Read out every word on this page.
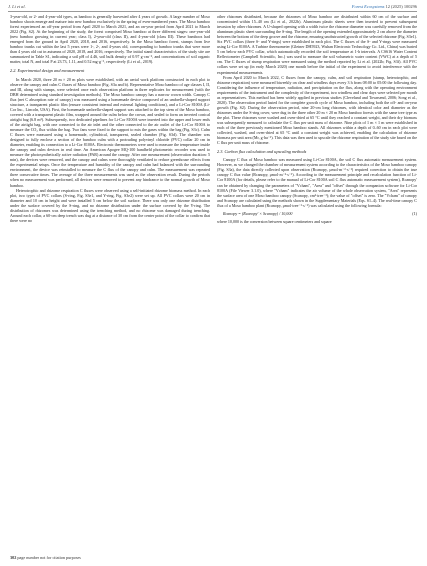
J. Li et al.	Forest Ecosystems 12 (2025) 100296

3-year-old, or 2- and 4-year-old types, as bamboo is generally harvested after 4 years of growth. A large number of Moso bamboo shoots emerge and mature into new bamboo exclusively in the spring of even-numbered years. The Moso bamboo forest experienced an off-year period from April 2020 to March 2021, and an on-year period from April 2021 to March 2022 (Fig. S2). At the beginning of the study, the forest comprised Moso bamboo at three different stages: one-year-old (new bamboo growing in current year; class I), 2-year-old (class II), and 4-year-old (class III). These bamboos had emerged from the ground in April 2020, 2018, and 2016, respectively. In the Moso bamboo forest, stumps from live bamboo trunks cut within the last 5 years were 1-, 2-, and 4-years old, corresponding to bamboo trunks that were more than 4 years old cut in autumns of 2020, 2018, and 2016, respectively. The initial stand characteristics of the study site are summarized in Table S1, indicating a soil pH of 4.46, soil bulk density of 0.97 g·cm⁻³, and concentrations of soil organic matter, total N, and total P at 23.73, 1.11, and 0.52 mg·g⁻¹, respectively (Li et al., 2019).

2.2. Experimental design and measurement

In March 2020, three 20 m × 20 m plots were established, with an aerial work platform constructed in each plot to observe the canopy and culm C fluxes of Moso bamboo (Fig. S3a and b). Representative Moso bamboo of age classes I, II, and III, along with stumps, were selected once each observation platform in three replicates for measurement (with the DBH determined using standard investigation methods). The Moso bamboo canopy has a narrow crown width. Canopy C flux (net C absorption rate of canopy) was measured using a homemade device composed of an umbrella-shaped support structure, a transparent plastic film (ensure consistent internal and external lighting conditions), and a Li-Cor 8100A (Li-Cor Inc., Lincoln, USA). First, the homemade umbrella-shaped support was attached to the top stem of the Moso bamboo, covered with a transparent plastic film, wrapped around the culm below the crown, and sealed to form an inverted conical airtight bag (6.8 m³). Subsequently, two dedicated pipelines for Li-Cor 8100A were inserted into the upper and lower ends of the airtight bag, with one connected to the air inlet and the other connected to the air outlet of the Li-Cor 8100A to measure the CO₂ flux within the bag. Two fans were fixed to the support to mix the gases within the bag (Fig. S3c). Culm C fluxes were measured using a homemade, cylindrical, transparent, sealed chamber (Fig. S3d). The chamber was designed to fully enclose a section of the bamboo culm with a protruding polyvinyl chloride (PVC) collar 20 cm in diameter, enabling its connection to a Li-Cor 8100A. Electronic thermometers were used to measure the temperature inside the canopy and culm devices in real time. An American Apogee MQ-100 handheld photometric recorder was used to measure the photosynthetically active radiation (PAR) around the canopy. After one measurement (observation duration: 5 min), the devices were removed, and the canopy and culms were thoroughly ventilated to reduce greenhouse effects from the experimental setups. Once the temperature and humidity of the canopy and culm had balanced with the surrounding environment, the device was reinstalled to measure the C flux of the canopy and culm. The measurement was repeated three consecutive times. The average of the three measurements was used as the observation result. During the periods when no measurement was performed, all devices were removed to prevent any hindrance to the normal growth of Moso bamboo.

Heterotrophic and rhizome respiration C fluxes were observed using a self-initiated rhizome biomass method. In each plot, two types of PVC collars (S-ring, Fig. S3e1, and Y-ring, Fig. S3e2) were set up. All PVC collars were 20 cm in diameter and 10 cm in height and were installed 5 cm below the soil surface. There was only one rhizome distribution under the surface covered by the S-ring, and no rhizome distribution under the surface covered by the Y-ring. The distribution of rhizomes was determined using the trenching method, and no rhizome was damaged during trenching. Around each collar, a 60-cm deep trench was dug at a distance of 30 cm from the center point of the collar to confirm that there were no

other rhizomes distributed, because the rhizomes of Moso bamboo are distributed within 60 cm of the surface and concentrated within 15–40 cm (Li et al., 2022b). Aluminum plastic sheets were then inserted to prevent subsequent invasion by other rhizomes. A U-shaped opening with a width twice the rhizome diameter was carefully removed from the aluminum plastic sheet surrounding the S-ring. The length of the opening extended approximately 2 cm above the diameter between the bottom of the deep groove and the rhizome, ensuring unobstructed growth of the selected rhizome (Fig. S3e1). Six PVC collars (three S- and Y-rings) were established in each plot. The C fluxes of the S- and Y-rings were measured using Li-Cor 8100A. A Turbine thermometer (Gleiner DH5923, Wuhan Electronic Technology Co. Ltd., China) was buried 5 cm below each PVC collar, which automatically recorded the soil temperature at 1-h intervals. A CS616 Water Content Reflectometer (Campbell Scientific, Inc.) was used to measure the soil volumetric water content (VWC) at a depth of 5 cm. The C fluxes of stump respiration were measured using the method reported by Li et al. (2022b; Fig. S3f). All PVC collars were set up (in early March 2020) one month before the initial of the experiment to avoid interference with the experimental measurements.

From April 2020 to March 2022, C fluxes from the canopy, culm, and soil respiration (stump, heterotrophic, and rhizome respiration) were measured biweekly on clear and windless days every 3 h from 08:00 to 05:00 the following day. Considering the influence of temperature, radiation, and precipitation on the flux, along with the operating environment requirements of the instrument and the complexity of the experiment, two windless and clear days were selected per month as representatives. This method has been widely applied in previous studies (Cleveland and Townsend, 2006; Song et al., 2020). The observation period lasted for the complete growth cycle of Moso bamboo, including both the off- and on-year growth (Fig. S2). During the observation period, nine 20-cm long rhizomes, with identical color and diameter as the rhizomes under the S-ring cover, were dug in the three other 20 m × 20 m Moso bamboo forests with the same tree type as the plot. These rhizomes were washed and oven-dried at 65 °C until they reached a constant weight, and their dry biomass was subsequently measured to calculate the C flux per unit mass of rhizome. Nine plots of 1 m × 1 m were established in each of the three previously mentioned Moso bamboo stands. All rhizomes within a depth of 0–60 cm in each plot were collected, washed, and oven-dried at 65 °C until a constant weight was achieved, enabling the calculation of rhizome biomass per unit area (Mr, g·ha⁻¹). This data was then used to upscale the rhizome respiration of the study site based on the C flux per unit mass of rhizome.

2.3. Carbon flux calculation and upscaling methods

Canopy C flux of Moso bamboo was measured using Li-Cor 8100A, the soil C flux automatic measurement system. However, as we changed the chamber of measurement system according to the characteristics of the Moso bamboo canopy (Fig. S3a), the data directly collected upon observation (Rcanopy, μmol·m⁻²·s⁻¹) required correction to obtain the true canopy C flux value (Rcanopy, μmol·m⁻²·s⁻¹). According to the measurement principle and recalculation function of Li-Cor 8100A (for details, please refer to the manual of Li-Cor 8100A soil C flux automatic measurement system), Rcanopy' can be obtained by changing the parameters of "Vcham", "Area" and "offset" through the companion software for Li-Cor 8100A (File Viewer 3.1.0), where "Vcham" indicates the air volume of the whole observation system, "Area" represents the surface area of one Moso bamboo canopy (Scanopy, cm²·tree⁻¹); the value of "offset" is zero. The "Vcham" of canopy and Scanopy are calculated using the methods shown in the Supplementary Materials (Eqs. S1–4). The real-time canopy C flux of a Moso bamboo plant (Rcanopy, μmol·tree⁻¹·s⁻¹) was calculated using the following formula:

Rcanopy = (Rcanopy' × Scanopy) / 10,000	(1)

where 10,000 is the conversion between square centimeters and square

302 page number not for citation purposes
